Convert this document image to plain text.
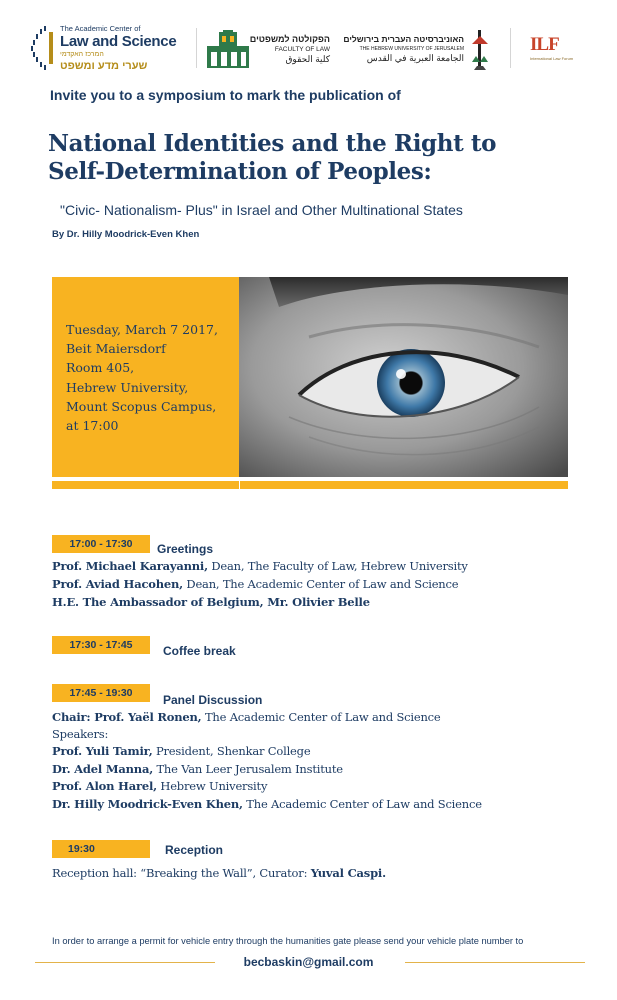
The Academic Center of
Law and Science
המרכז האקדמי
שערי מדע ומשפט
הפקולטה למשפטים
FACULTY OF LAW
كلية الحقوق
האוניברסיטה העברית בירושלים
THE HEBREW UNIVERSITY OF JERUSALEM
الجامعة العبرية في القدس
ILF
International Law Forum
Invite you to a symposium to mark the publication of
National Identities and the Right to
Self-Determination of Peoples:
"Civic- Nationalism- Plus" in Israel and Other Multinational States
By Dr. Hilly Moodrick-Even Khen
Tuesday, March 7 2017,
Beit Maiersdorf
Room 405,
Hebrew University,
Mount Scopus Campus,
at 17:00
17:00 - 17:30	Greetings
Prof. Michael Karayanni, Dean, The Faculty of Law, Hebrew University
Prof. Aviad Hacohen, Dean, The Academic Center of Law and Science
H.E. The Ambassador of Belgium, Mr. Olivier Belle
17:30 - 17:45	Coffee break
17:45 - 19:30	Panel Discussion
Chair: Prof. Yaël Ronen, The Academic Center of Law and Science
Speakers:
Prof. Yuli Tamir, President, Shenkar College
Dr. Adel Manna, The Van Leer Jerusalem Institute
Prof. Alon Harel, Hebrew University
Dr. Hilly Moodrick-Even Khen, The Academic Center of Law and Science
19:30	Reception
Reception hall: “Breaking the Wall”, Curator: Yuval Caspi.
In order to arrange a permit for vehicle entry through the humanities gate please send your vehicle plate number to
becbaskin@gmail.com
